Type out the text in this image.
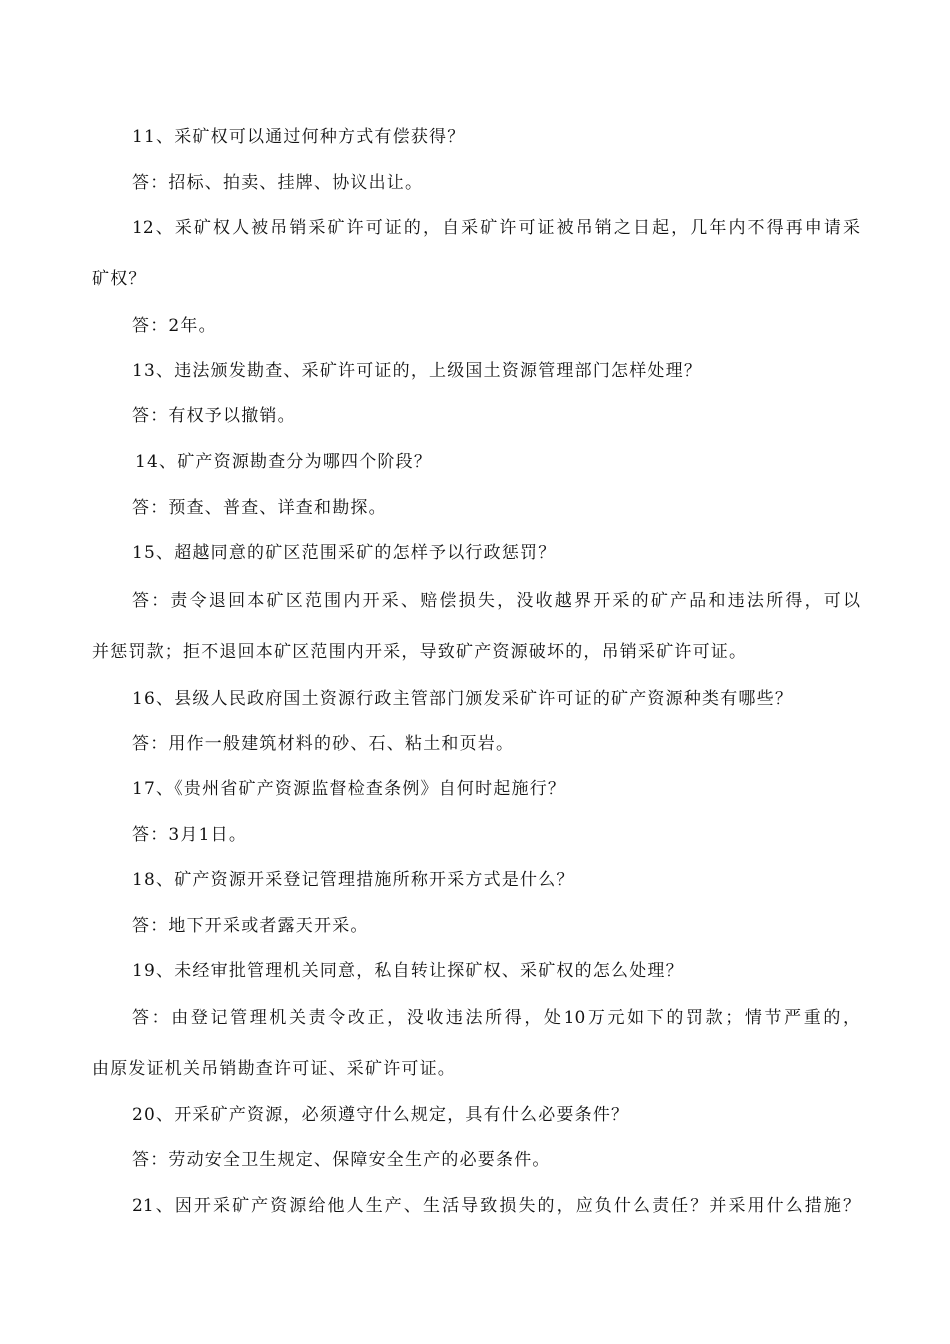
11、采矿权可以通过何种方式有偿获得？
答：招标、拍卖、挂牌、协议出让。
12、采矿权人被吊销采矿许可证的，自采矿许可证被吊销之日起，几年内不得再申请采
矿权？
答：2年。
13、违法颁发勘查、采矿许可证的，上级国土资源管理部门怎样处理？
答：有权予以撤销。
14、矿产资源勘查分为哪四个阶段？
答：预查、普查、详查和勘探。
15、超越同意的矿区范围采矿的怎样予以行政惩罚？
答：责令退回本矿区范围内开采、赔偿损失，没收越界开采的矿产品和违法所得，可以
并惩罚款；拒不退回本矿区范围内开采，导致矿产资源破坏的，吊销采矿许可证。
16、县级人民政府国土资源行政主管部门颁发采矿许可证的矿产资源种类有哪些？
答：用作一般建筑材料的砂、石、粘土和页岩。
17、《贵州省矿产资源监督检查条例》自何时起施行？
答：3月1日。
18、矿产资源开采登记管理措施所称开采方式是什么？
答：地下开采或者露天开采。
19、未经审批管理机关同意，私自转让探矿权、采矿权的怎么处理？
答：由登记管理机关责令改正，没收违法所得，处10万元如下的罚款；情节严重的，
由原发证机关吊销勘查许可证、采矿许可证。
20、开采矿产资源，必须遵守什么规定，具有什么必要条件？
答：劳动安全卫生规定、保障安全生产的必要条件。
21、因开采矿产资源给他人生产、生活导致损失的，应负什么责任？并采用什么措施？
